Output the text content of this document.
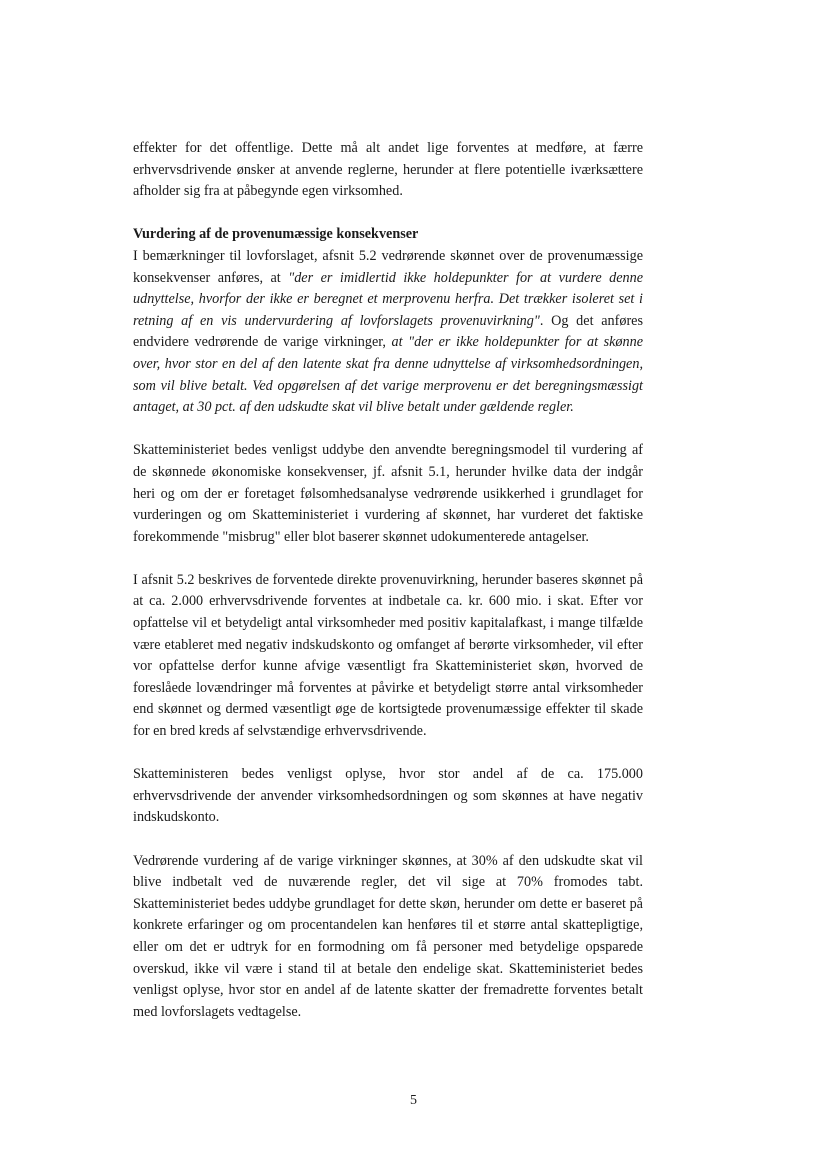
effekter for det offentlige. Dette må alt andet lige forventes at medføre, at færre erhvervsdrivende ønsker at anvende reglerne, herunder at flere potentielle iværksættere afholder sig fra at påbegynde egen virksomhed.

Vurdering af de provenumæssige konsekvenser
I bemærkninger til lovforslaget, afsnit 5.2 vedrørende skønnet over de provenumæssige konsekvenser anføres, at "der er imidlertid ikke holdepunkter for at vurdere denne udnyttelse, hvorfor der ikke er beregnet et merprovenu herfra. Det trækker isoleret set i retning af en vis undervurdering af lovforslagets provenuvirkning". Og det anføres endvidere vedrørende de varige virkninger, at "der er ikke holdepunkter for at skønne over, hvor stor en del af den latente skat fra denne udnyttelse af virksomhedsordningen, som vil blive betalt. Ved opgørelsen af det varige merprovenu er det beregningsmæssigt antaget, at 30 pct. af den udskudte skat vil blive betalt under gældende regler.

Skatteministeriet bedes venligst uddybe den anvendte beregningsmodel til vurdering af de skønnede økonomiske konsekvenser, jf. afsnit 5.1, herunder hvilke data der indgår heri og om der er foretaget følsomhedsanalyse vedrørende usikkerhed i grundlaget for vurderingen og om Skatteministeriet i vurdering af skønnet, har vurderet det faktiske forekommende "misbrug" eller blot baserer skønnet udokumenterede antagelser.

I afsnit 5.2 beskrives de forventede direkte provenuvirkning, herunder baseres skønnet på at ca. 2.000 erhvervsdrivende forventes at indbetale ca. kr. 600 mio. i skat. Efter vor opfattelse vil et betydeligt antal virksomheder med positiv kapitalafkast, i mange tilfælde være etableret med negativ indskudskonto og omfanget af berørte virksomheder, vil efter vor opfattelse derfor kunne afvige væsentligt fra Skatteministeriet skøn, hvorved de foreslåede lovændringer må forventes at påvirke et betydeligt større antal virksomheder end skønnet og dermed væsentligt øge de kortsigtede provenumæssige effekter til skade for en bred kreds af selvstændige erhvervsdrivende.

Skatteministeren bedes venligst oplyse, hvor stor andel af de ca. 175.000 erhvervsdrivende der anvender virksomhedsordningen og som skønnes at have negativ indskudskonto.

Vedrørende vurdering af de varige virkninger skønnes, at 30% af den udskudte skat vil blive indbetalt ved de nuværende regler, det vil sige at 70% fromodes tabt. Skatteministeriet bedes uddybe grundlaget for dette skøn, herunder om dette er baseret på konkrete erfaringer og om procentandelen kan henføres til et større antal skattepligtige, eller om det er udtryk for en formodning om få personer med betydelige opsparede overskud, ikke vil være i stand til at betale den endelige skat. Skatteministeriet bedes venligst oplyse, hvor stor en andel af de latente skatter der fremadrette forventes betalt med lovforslagets vedtagelse.

5
